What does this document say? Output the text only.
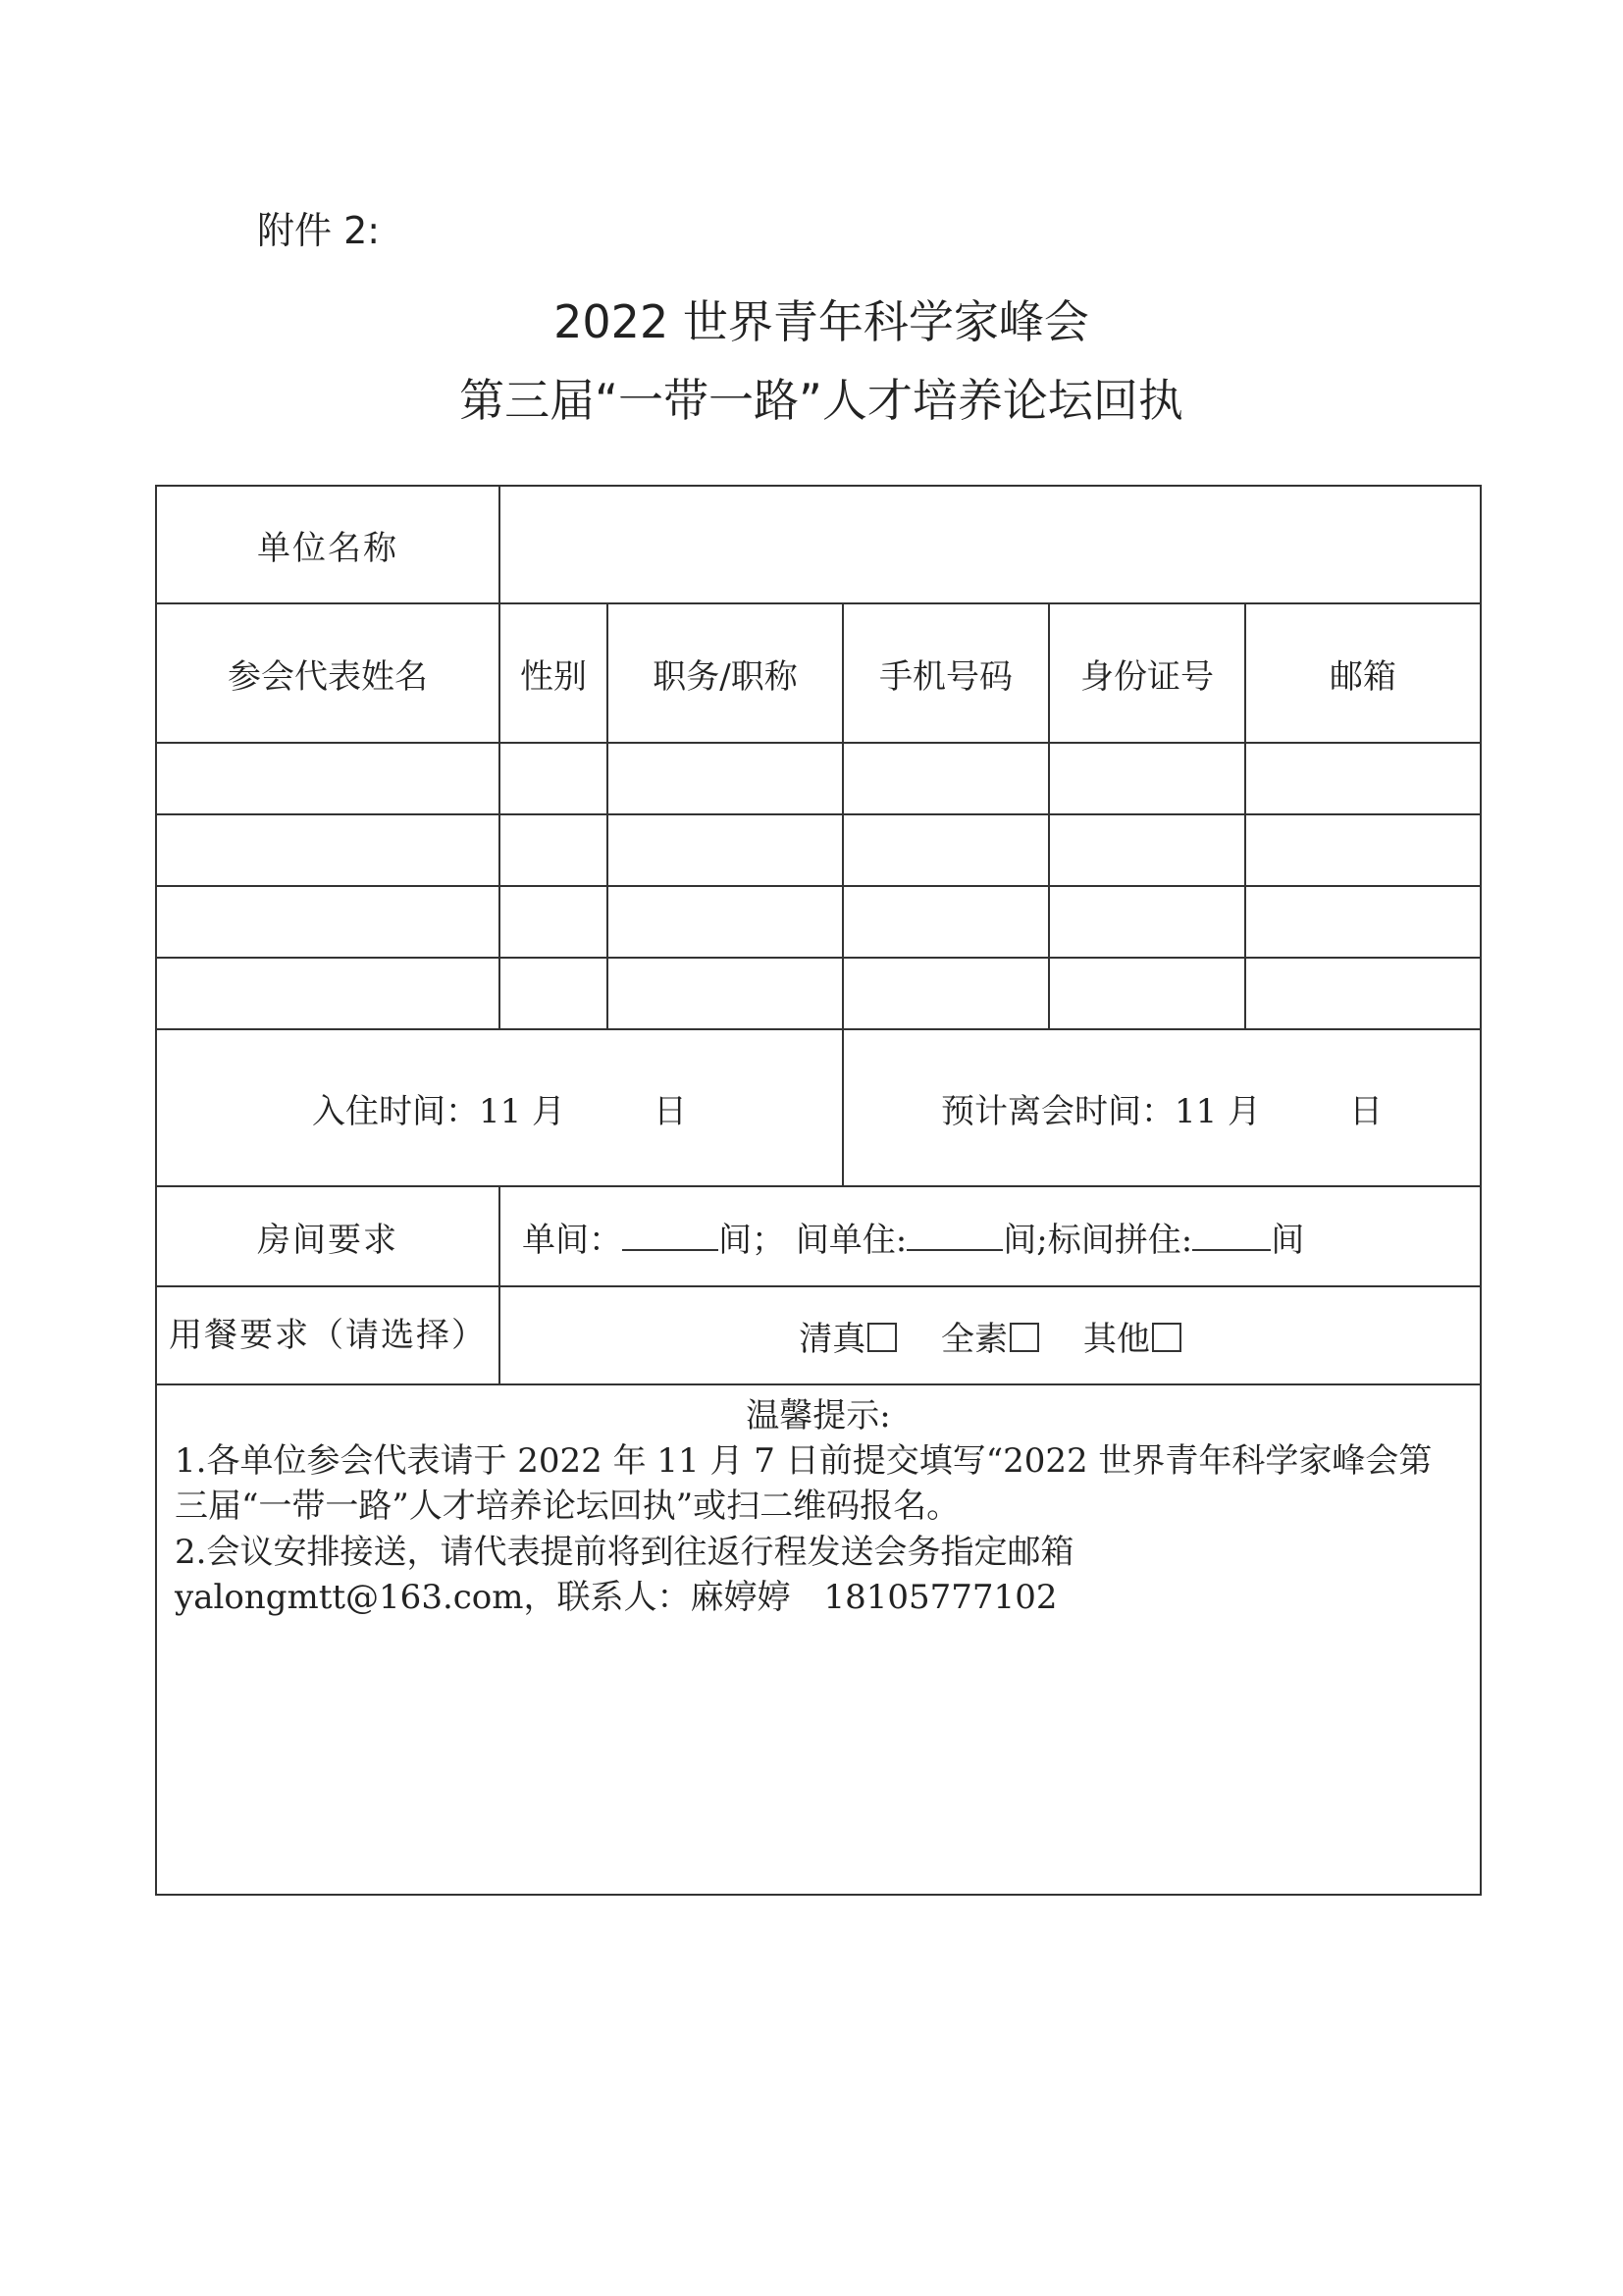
附件 2:
2022 世界青年科学家峰会
第三届“一带一路”人才培养论坛回执
单位名称					
参会代表姓名	性别	职务/职称	手机号码	身份证号	邮箱

入住时间：11 月 日			预计离会时间：11 月 日		
房间要求	单间： 间； 间单住: 间;标间拼住: 间				
用餐要求（请选择）	清真 全素 其他				

温馨提示:

1.各单位参会代表请于 2022 年 11 月 7 日前提交填写“2022 世界青年科学家峰会第三届“一带一路”人才培养论坛回执”或扫二维码报名。

2.会议安排接送，请代表提前将到往返行程发送会务指定邮箱 yalongmtt@163.com，联系人：麻婷婷　18105777102					
